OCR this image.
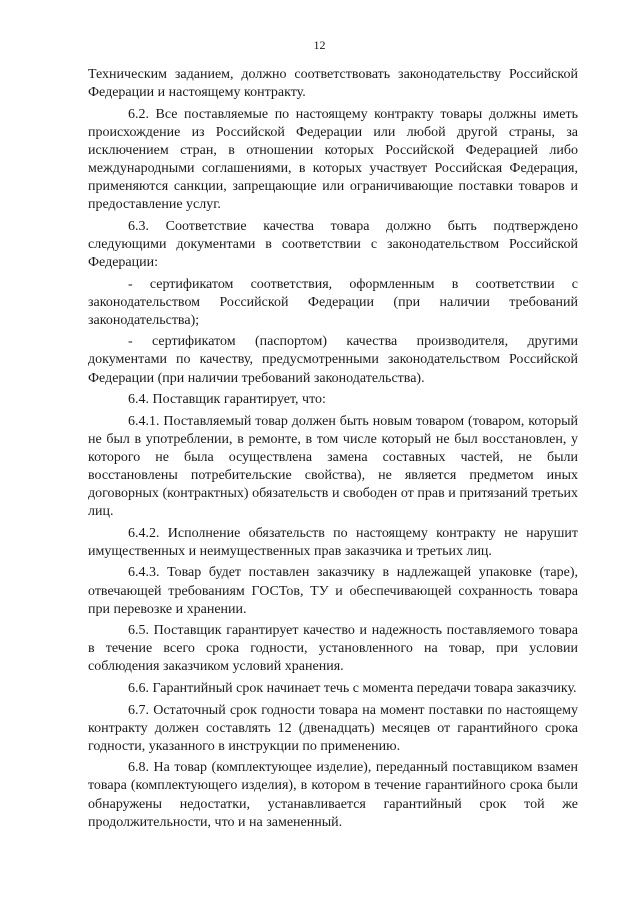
12

Техническим заданием, должно соответствовать законодательству Российской Федерации и настоящему контракту.

6.2. Все поставляемые по настоящему контракту товары должны иметь происхождение из Российской Федерации или любой другой страны, за исключением стран, в отношении которых Российской Федерацией либо международными соглашениями, в которых участвует Российская Федерация, применяются санкции, запрещающие или ограничивающие поставки товаров и предоставление услуг.

6.3. Соответствие качества товара должно быть подтверждено следующими документами в соответствии с законодательством Российской Федерации:

- сертификатом соответствия, оформленным в соответствии с законодательством Российской Федерации (при наличии требований законодательства);

- сертификатом (паспортом) качества производителя, другими документами по качеству, предусмотренными законодательством Российской Федерации (при наличии требований законодательства).

6.4. Поставщик гарантирует, что:

6.4.1. Поставляемый товар должен быть новым товаром (товаром, который не был в употреблении, в ремонте, в том числе который не был восстановлен, у которого не была осуществлена замена составных частей, не были восстановлены потребительские свойства), не является предметом иных договорных (контрактных) обязательств и свободен от прав и притязаний третьих лиц.

6.4.2. Исполнение обязательств по настоящему контракту не нарушит имущественных и неимущественных прав заказчика и третьих лиц.

6.4.3. Товар будет поставлен заказчику в надлежащей упаковке (таре), отвечающей требованиям ГОСТов, ТУ и обеспечивающей сохранность товара при перевозке и хранении.

6.5. Поставщик гарантирует качество и надежность поставляемого товара в течение всего срока годности, установленного на товар, при условии соблюдения заказчиком условий хранения.

6.6. Гарантийный срок начинает течь с момента передачи товара заказчику.

6.7. Остаточный срок годности товара на момент поставки по настоящему контракту должен составлять 12 (двенадцать) месяцев от гарантийного срока годности, указанного в инструкции по применению.

6.8. На товар (комплектующее изделие), переданный поставщиком взамен товара (комплектующего изделия), в котором в течение гарантийного срока были обнаружены недостатки, устанавливается гарантийный срок той же продолжительности, что и на замененный.
